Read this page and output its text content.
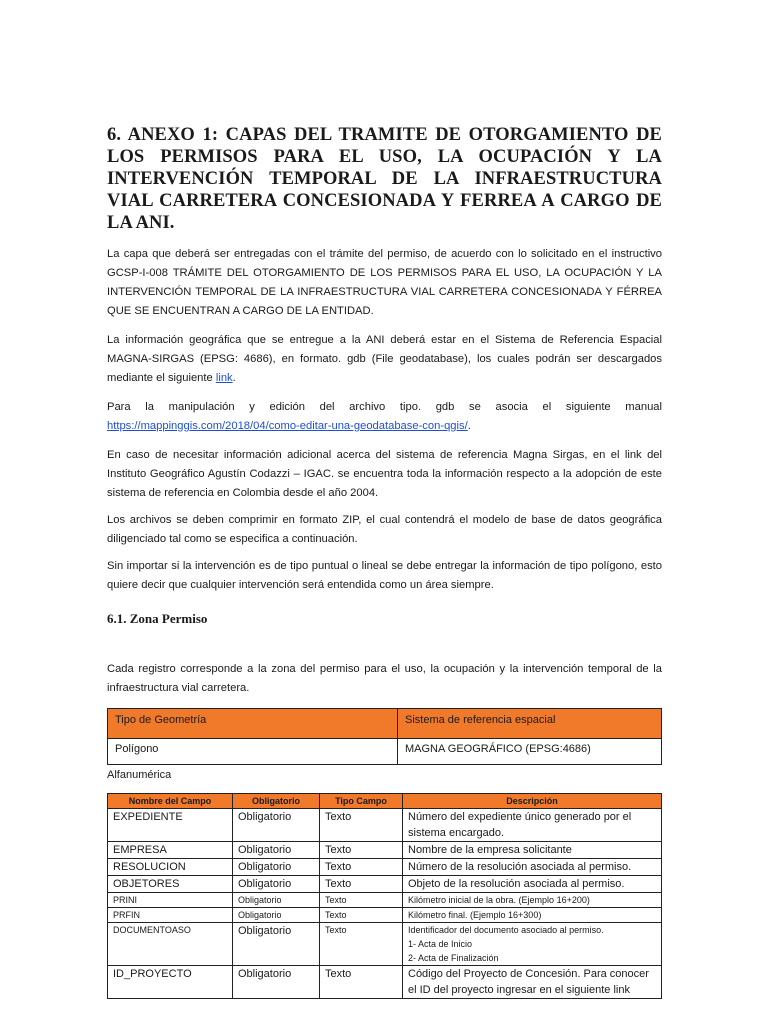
6. ANEXO 1: CAPAS DEL TRAMITE DE OTORGAMIENTO DE LOS PERMISOS PARA EL USO, LA OCUPACIÓN Y LA INTERVENCIÓN TEMPORAL DE LA INFRAESTRUCTURA VIAL CARRETERA CONCESIONADA Y FERREA A CARGO DE LA ANI.

La capa que deberá ser entregadas con el trámite del permiso, de acuerdo con lo solicitado en el instructivo GCSP-I-008 TRÁMITE DEL OTORGAMIENTO DE LOS PERMISOS PARA EL USO, LA OCUPACIÓN Y LA INTERVENCIÓN TEMPORAL DE LA INFRAESTRUCTURA VIAL CARRETERA CONCESIONADA Y FÉRREA QUE SE ENCUENTRAN A CARGO DE LA ENTIDAD.

La información geográfica que se entregue a la ANI deberá estar en el Sistema de Referencia Espacial MAGNA-SIRGAS (EPSG: 4686), en formato. gdb (File geodatabase), los cuales podrán ser descargados mediante el siguiente link.

Para la manipulación y edición del archivo tipo. gdb se asocia el siguiente manual https://mappinggis.com/2018/04/como-editar-una-geodatabase-con-qgis/.

En caso de necesitar información adicional acerca del sistema de referencia Magna Sirgas, en el link del Instituto Geográfico Agustín Codazzi – IGAC. se encuentra toda la información respecto a la adopción de este sistema de referencia en Colombia desde el año 2004.

Los archivos se deben comprimir en formato ZIP, el cual contendrá el modelo de base de datos geográfica diligenciado tal como se especifica a continuación.

Sin importar si la intervención es de tipo puntual o lineal se debe entregar la información de tipo polígono, esto quiere decir que cualquier intervención será entendida como un área siempre.

6.1. Zona Permiso

Cada registro corresponde a la zona del permiso para el uso, la ocupación y la intervención temporal de la infraestructura vial carretera.

Tipo de Geometría	Sistema de referencia espacial
Polígono	MAGNA GEOGRÁFICO (EPSG:4686)
Alfanumérica
Nombre del Campo	Obligatorio	Tipo Campo	Descripción
EXPEDIENTE	Obligatorio	Texto	Número del expediente único generado por el sistema encargado.
EMPRESA	Obligatorio	Texto	Nombre de la empresa solicitante
RESOLUCION	Obligatorio	Texto	Número de la resolución asociada al permiso.
OBJETORES	Obligatorio	Texto	Objeto de la resolución asociada al permiso.
PRINI	Obligatorio	Texto	Kilómetro inicial de la obra. (Ejemplo 16+200)
PRFIN	Obligatorio	Texto	Kilómetro final. (Ejemplo 16+300)
DOCUMENTOASO	Obligatorio	Texto	Identificador del documento asociado al permiso.
1- Acta de Inicio
2- Acta de Finalización

ID_PROYECTO	Obligatorio	Texto	Código del Proyecto de Concesión. Para conocer el ID del proyecto ingresar en el siguiente link
